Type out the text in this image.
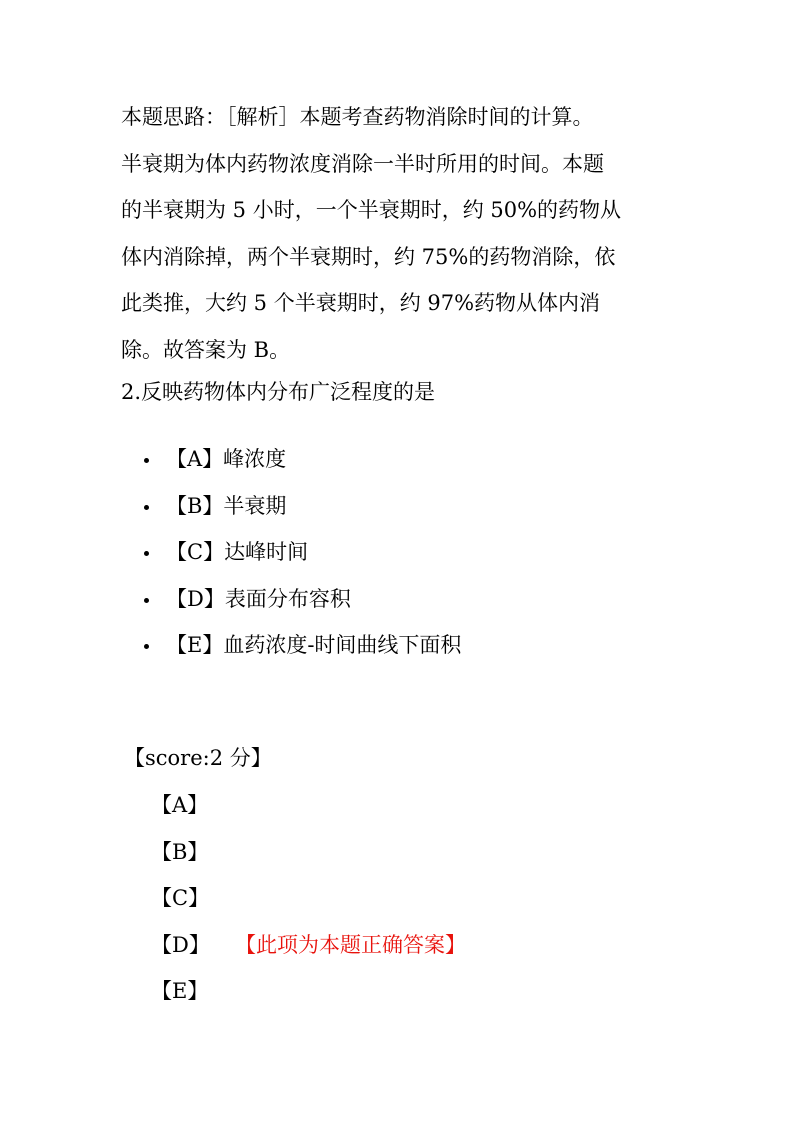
本题思路：［解析］本题考查药物消除时间的计算。
半衰期为体内药物浓度消除一半时所用的时间。本题
的半衰期为 5 小时，一个半衰期时，约 50%的药物从
体内消除掉，两个半衰期时，约 75%的药物消除，依
此类推，大约 5 个半衰期时，约 97%药物从体内消
除。故答案为 B。
2.反映药物体内分布广泛程度的是
【A】峰浓度
【B】半衰期
【C】达峰时间
【D】表面分布容积
【E】血药浓度-时间曲线下面积
【score:2 分】
【A】
【B】
【C】
【D】 【此项为本题正确答案】
【E】
